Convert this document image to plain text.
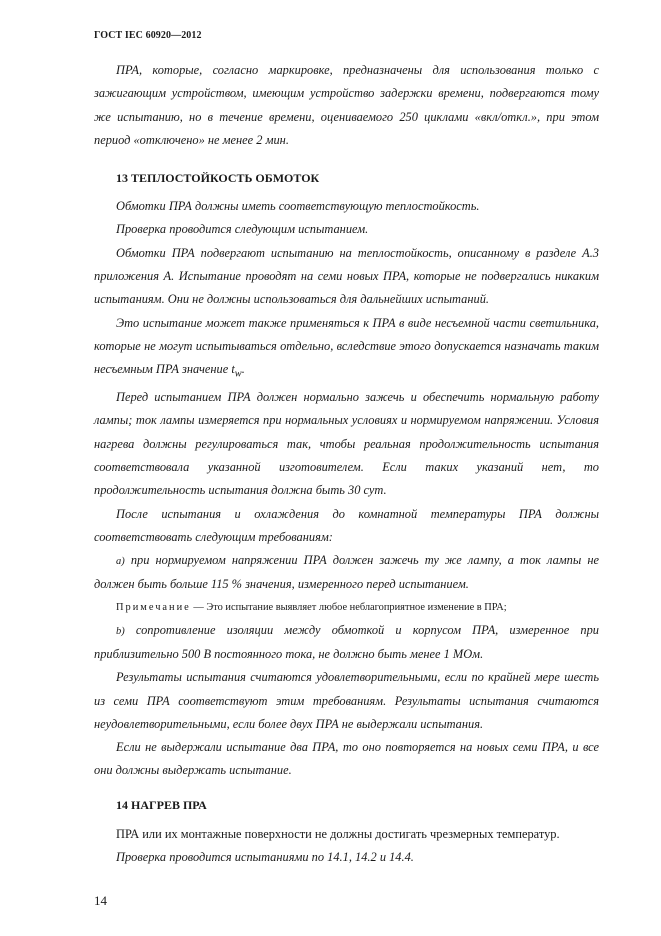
ГОСТ IEC 60920—2012

ПРА, которые, согласно маркировке, предназначены для использования только с зажигающим устройством, имеющим устройство задержки времени, подвергаются тому же испытанию, но в течение времени, оцениваемого 250 циклами «вкл/откл.», при этом период «отключено» не менее 2 мин.

13 ТЕПЛОСТОЙКОСТЬ ОБМОТОК

Обмотки ПРА должны иметь соответствующую теплостойкость.

Проверка проводится следующим испытанием.

Обмотки ПРА подвергают испытанию на теплостойкость, описанному в разделе А.3 приложения А. Испытание проводят на семи новых ПРА, которые не подвергались никаким испытаниям. Они не должны использоваться для дальнейших испытаний.

Это испытание может также применяться к ПРА в виде несъемной части светильника, которые не могут испытываться отдельно, вследствие этого допускается назначать таким несъемным ПРА значение $t_w$.

Перед испытанием ПРА должен нормально зажечь и обеспечить нормальную работу лампы; ток лампы измеряется при нормальных условиях и нормируемом напряжении. Условия нагрева должны регулироваться так, чтобы реальная продолжительность испытания соответствовала указанной изготовителем. Если таких указаний нет, то продолжительность испытания должна быть 30 сут.

После испытания и охлаждения до комнатной температуры ПРА должны соответствовать следующим требованиям:

а) при нормируемом напряжении ПРА должен зажечь ту же лампу, а ток лампы не должен быть больше 115 % значения, измеренного перед испытанием.

Примечание — Это испытание выявляет любое неблагоприятное изменение в ПРА;

b) сопротивление изоляции между обмоткой и корпусом ПРА, измеренное при приблизительно 500 В постоянного тока, не должно быть менее 1 МОм.

Результаты испытания считаются удовлетворительными, если по крайней мере шесть из семи ПРА соответствуют этим требованиям. Результаты испытания считаются неудовлетворительными, если более двух ПРА не выдержали испытания.

Если не выдержали испытание два ПРА, то оно повторяется на новых семи ПРА, и все они должны выдержать испытание.

14 НАГРЕВ ПРА

ПРА или их монтажные поверхности не должны достигать чрезмерных температур.

Проверка проводится испытаниями по 14.1, 14.2 и 14.4.

14
